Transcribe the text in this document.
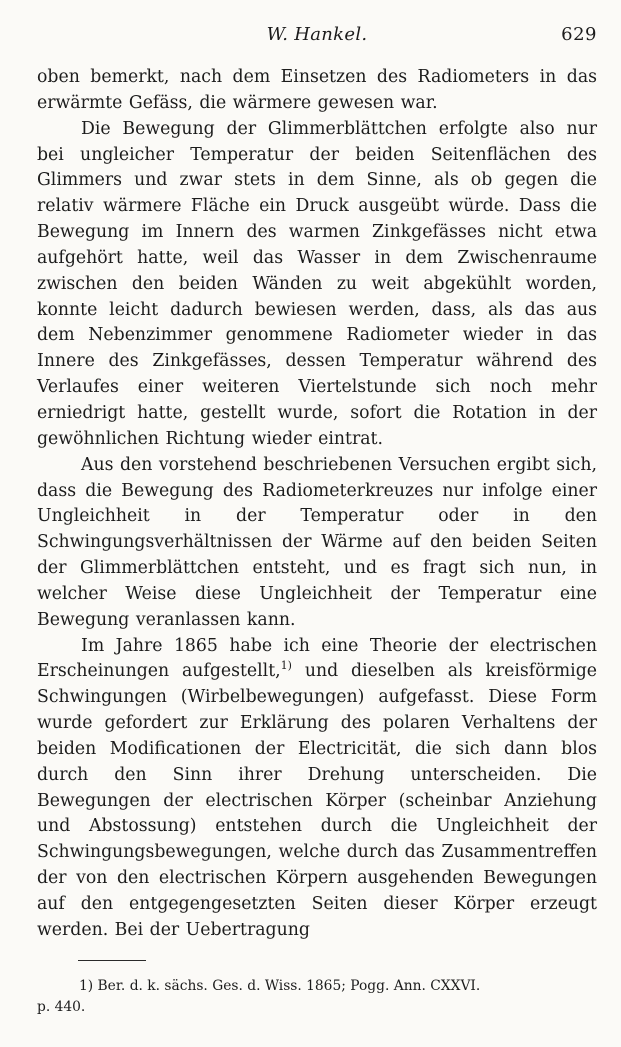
W. Hankel.	629

oben bemerkt, nach dem Einsetzen des Radiometers in das erwärmte Gefäss, die wärmere gewesen war.

Die Bewegung der Glimmerblättchen erfolgte also nur bei ungleicher Temperatur der beiden Seitenflächen des Glimmers und zwar stets in dem Sinne, als ob gegen die relativ wärmere Fläche ein Druck ausgeübt würde. Dass die Bewegung im Innern des warmen Zinkgefässes nicht etwa aufgehört hatte, weil das Wasser in dem Zwischenraume zwischen den beiden Wänden zu weit abgekühlt worden, konnte leicht dadurch bewiesen werden, dass, als das aus dem Nebenzimmer genommene Radiometer wieder in das Innere des Zinkgefässes, dessen Temperatur während des Verlaufes einer weiteren Viertelstunde sich noch mehr erniedrigt hatte, gestellt wurde, sofort die Rotation in der gewöhnlichen Richtung wieder eintrat.

Aus den vorstehend beschriebenen Versuchen ergibt sich, dass die Bewegung des Radiometerkreuzes nur infolge einer Ungleichheit in der Temperatur oder in den Schwingungsverhältnissen der Wärme auf den beiden Seiten der Glimmerblättchen entsteht, und es fragt sich nun, in welcher Weise diese Ungleichheit der Temperatur eine Bewegung veranlassen kann.

Im Jahre 1865 habe ich eine Theorie der electrischen Erscheinungen aufgestellt,$^{1)}$ und dieselben als kreisförmige Schwingungen (Wirbelbewegungen) aufgefasst. Diese Form wurde gefordert zur Erklärung des polaren Verhaltens der beiden Modificationen der Electricität, die sich dann blos durch den Sinn ihrer Drehung unterscheiden. Die Bewegungen der electrischen Körper (scheinbar Anziehung und Abstossung) entstehen durch die Ungleichheit der Schwingungsbewegungen, welche durch das Zusammentreffen der von den electrischen Körpern ausgehenden Bewegungen auf den entgegengesetzten Seiten dieser Körper erzeugt werden. Bei der Uebertragung

1) Ber. d. k. sächs. Ges. d. Wiss. 1865; Pogg. Ann. CXXVI.
p. 440.
